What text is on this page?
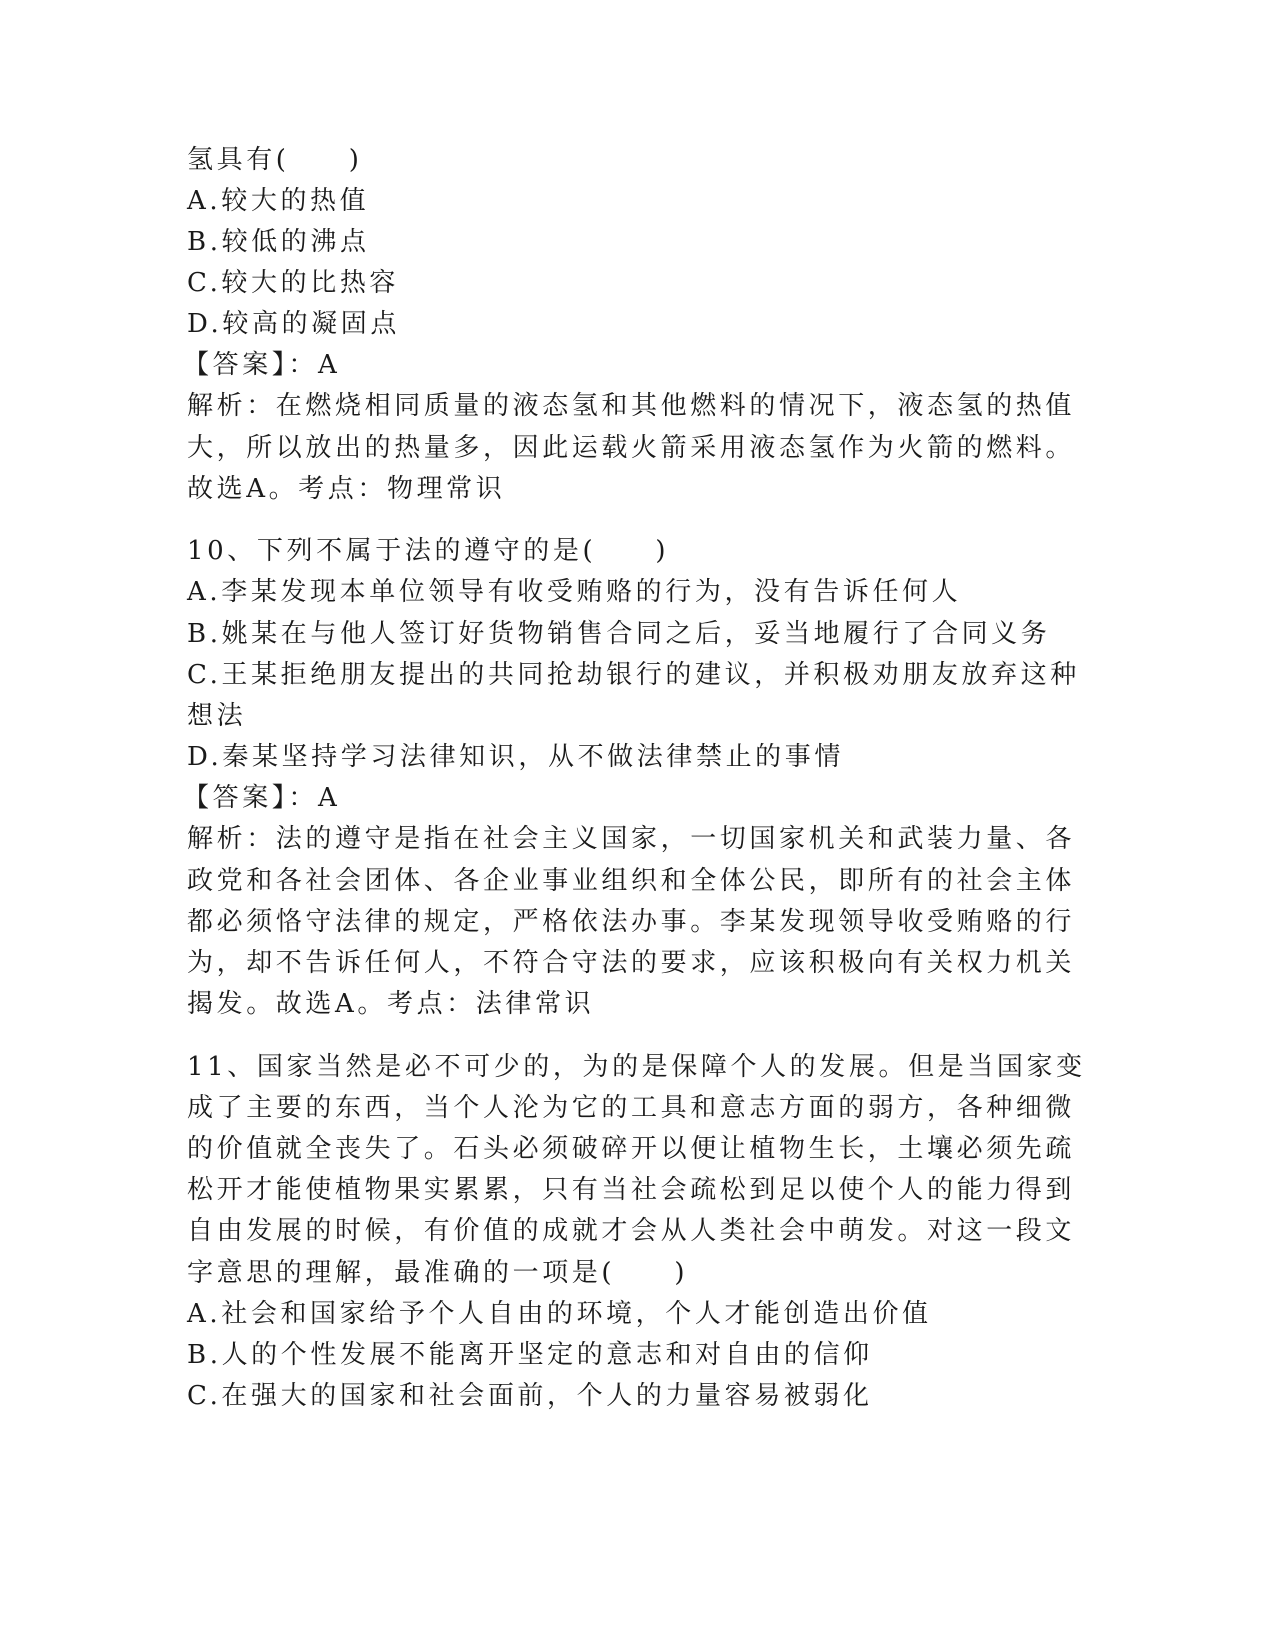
氢具有(　　)
A.较大的热值
B.较低的沸点
C.较大的比热容
D.较高的凝固点
【答案】：A
解析：在燃烧相同质量的液态氢和其他燃料的情况下，液态氢的热值
大，所以放出的热量多，因此运载火箭采用液态氢作为火箭的燃料。
故选A。考点：物理常识
10、下列不属于法的遵守的是(　　)
A.李某发现本单位领导有收受贿赂的行为，没有告诉任何人
B.姚某在与他人签订好货物销售合同之后，妥当地履行了合同义务
C.王某拒绝朋友提出的共同抢劫银行的建议，并积极劝朋友放弃这种
想法
D.秦某坚持学习法律知识，从不做法律禁止的事情
【答案】：A
解析：法的遵守是指在社会主义国家，一切国家机关和武装力量、各
政党和各社会团体、各企业事业组织和全体公民，即所有的社会主体
都必须恪守法律的规定，严格依法办事。李某发现领导收受贿赂的行
为，却不告诉任何人，不符合守法的要求，应该积极向有关权力机关
揭发。故选A。考点：法律常识
11、国家当然是必不可少的，为的是保障个人的发展。但是当国家变
成了主要的东西，当个人沦为它的工具和意志方面的弱方，各种细微
的价值就全丧失了。石头必须破碎开以便让植物生长，土壤必须先疏
松开才能使植物果实累累，只有当社会疏松到足以使个人的能力得到
自由发展的时候，有价值的成就才会从人类社会中萌发。对这一段文
字意思的理解，最准确的一项是(　　)
A.社会和国家给予个人自由的环境，个人才能创造出价值
B.人的个性发展不能离开坚定的意志和对自由的信仰
C.在强大的国家和社会面前，个人的力量容易被弱化
